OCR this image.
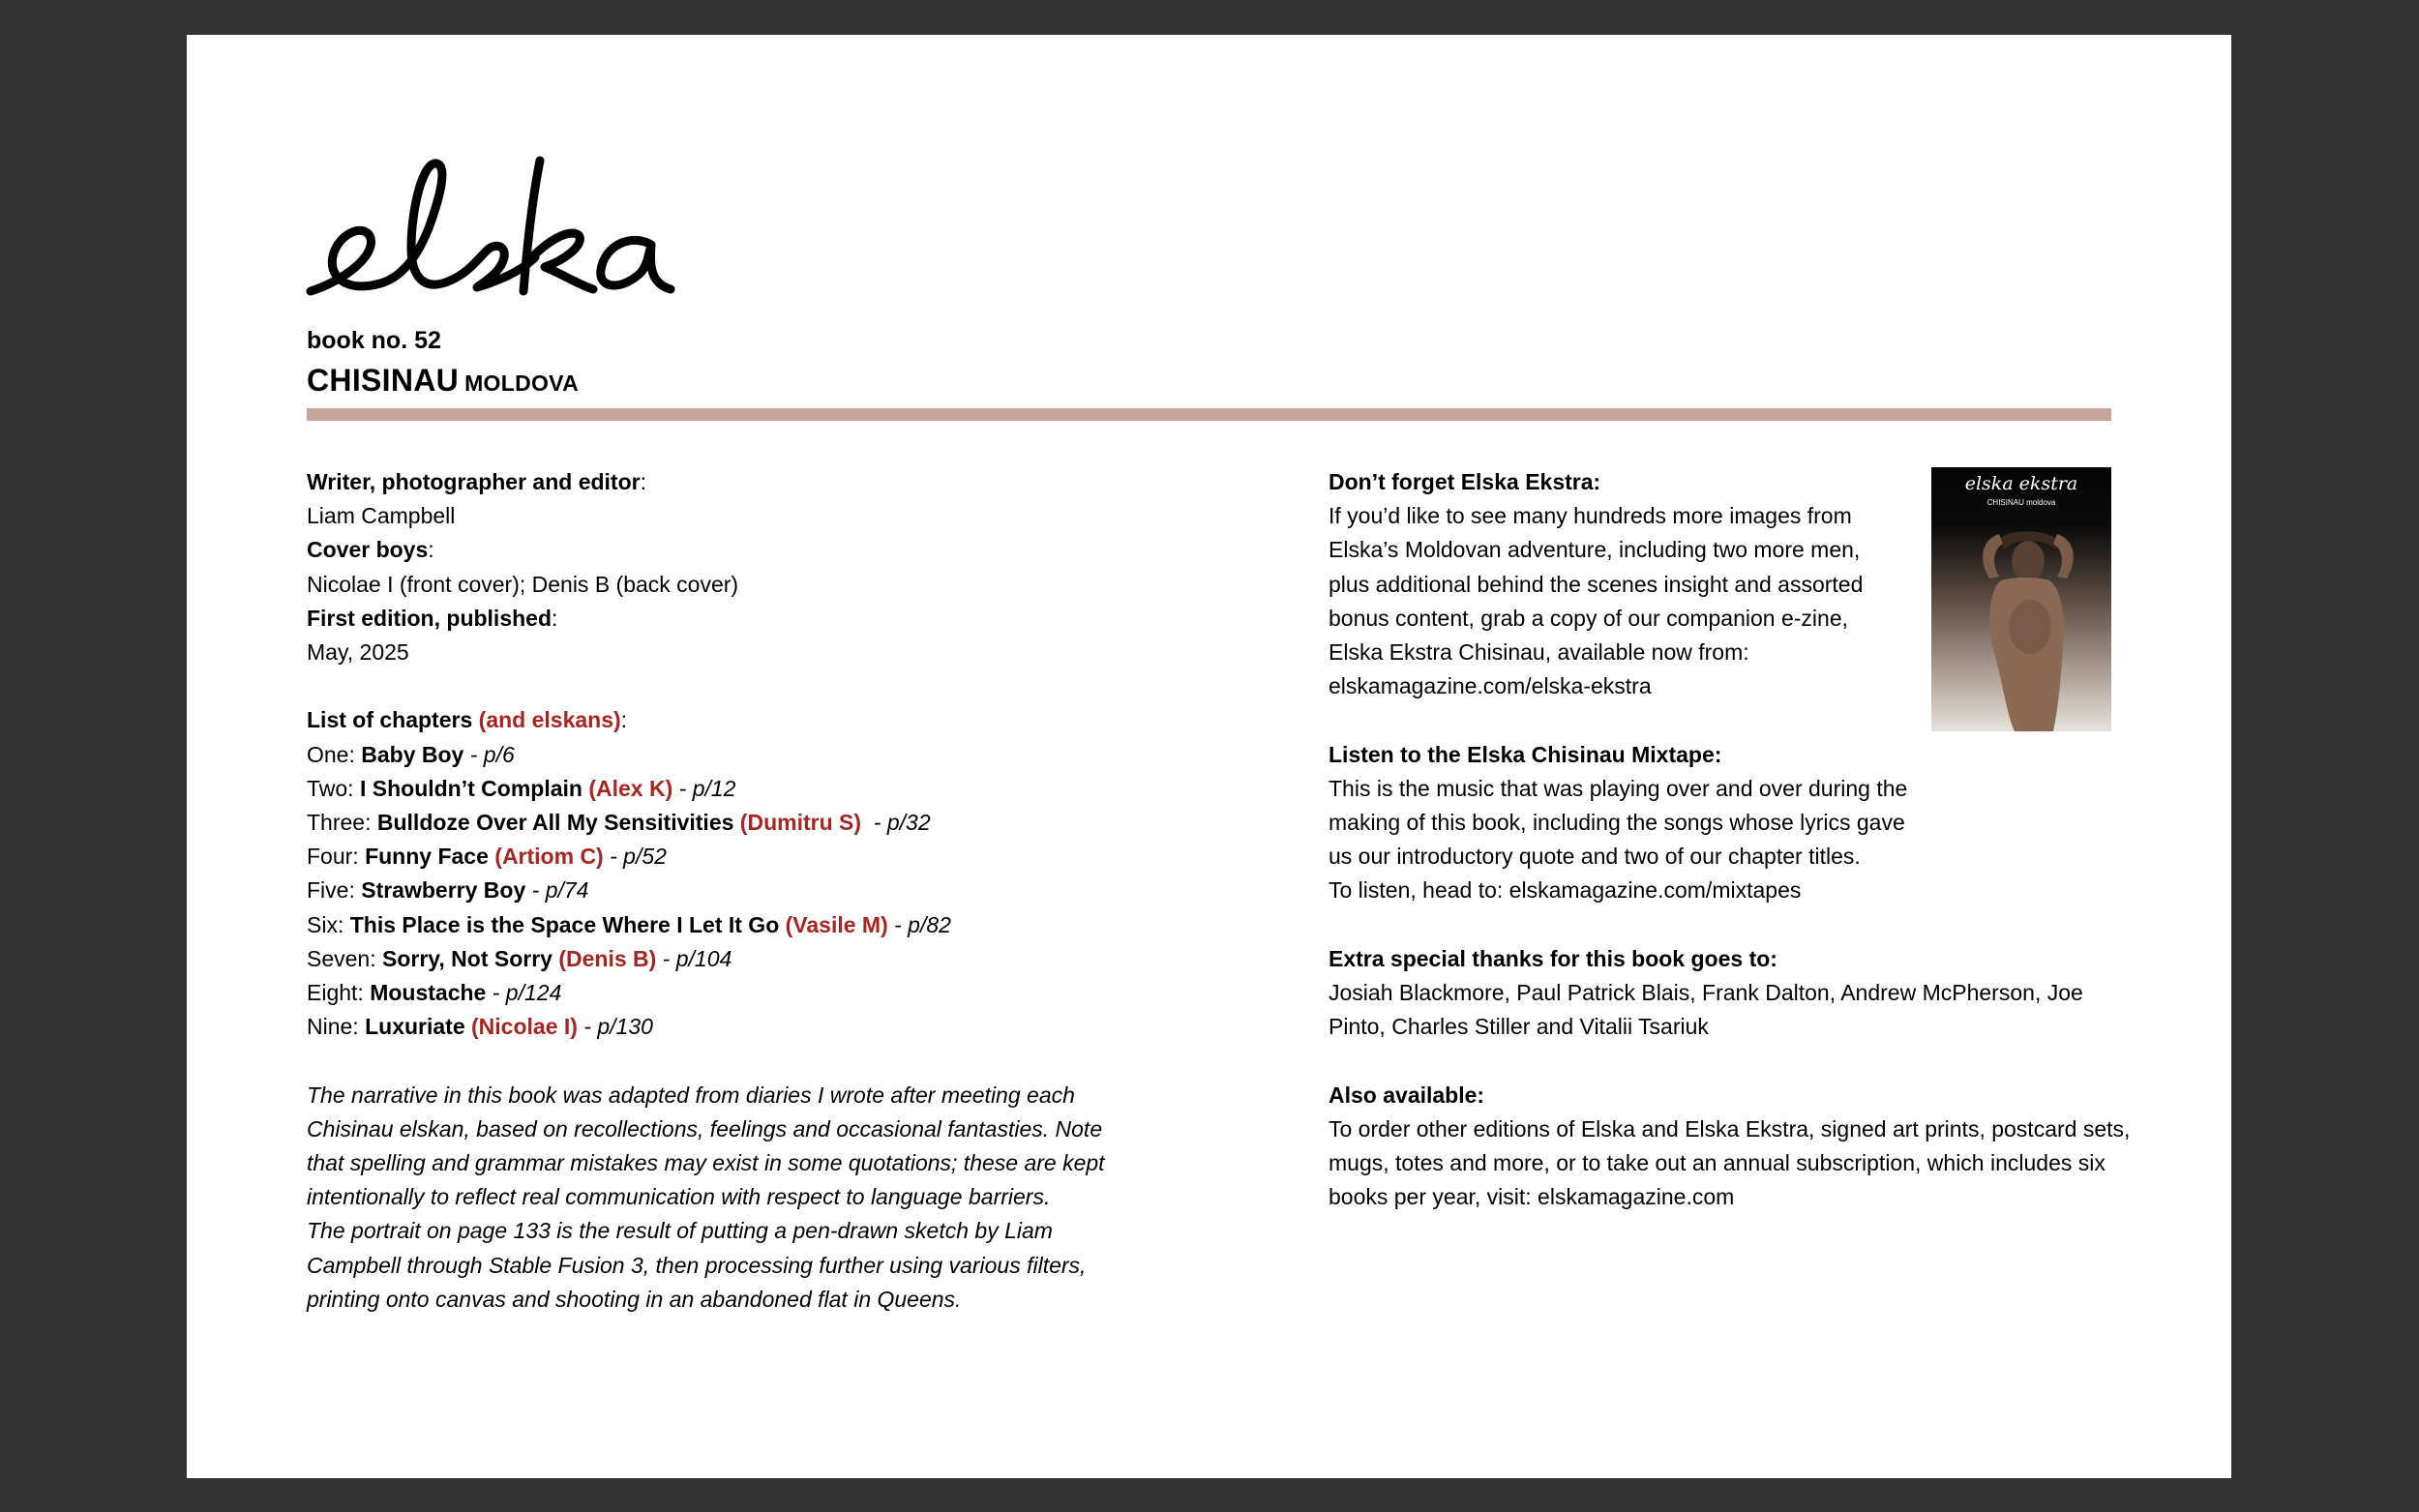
book no. 52
CHISINAU MOLDOVA
Writer, photographer and editor:
Liam Campbell
Cover boys:
Nicolae I (front cover); Denis B (back cover)
First edition, published:
May, 2025
List of chapters (and elskans):
One: Baby Boy - p/6
Two: I Shouldn’t Complain (Alex K) - p/12
Three: Bulldoze Over All My Sensitivities (Dumitru S)  - p/32
Four: Funny Face (Artiom C) - p/52
Five: Strawberry Boy - p/74
Six: This Place is the Space Where I Let It Go (Vasile M) - p/82
Seven: Sorry, Not Sorry (Denis B) - p/104
Eight: Moustache - p/124
Nine: Luxuriate (Nicolae I) - p/130
The narrative in this book was adapted from diaries I wrote after meeting each
Chisinau elskan, based on recollections, feelings and occasional fantasties. Note
that spelling and grammar mistakes may exist in some quotations; these are kept
intentionally to reflect real communication with respect to language barriers.
The portrait on page 133 is the result of putting a pen-drawn sketch by Liam
Campbell through Stable Fusion 3, then processing further using various filters,
printing onto canvas and shooting in an abandoned flat in Queens.
Don’t forget Elska Ekstra:
If you’d like to see many hundreds more images from
Elska’s Moldovan adventure, including two more men,
plus additional behind the scenes insight and assorted
bonus content, grab a copy of our companion e-zine,
Elska Ekstra Chisinau, available now from:
elskamagazine.com/elska-ekstra
Listen to the Elska Chisinau Mixtape:
This is the music that was playing over and over during the
making of this book, including the songs whose lyrics gave
us our introductory quote and two of our chapter titles.
To listen, head to: elskamagazine.com/mixtapes
Extra special thanks for this book goes to:
Josiah Blackmore, Paul Patrick Blais, Frank Dalton, Andrew McPherson, Joe
Pinto, Charles Stiller and Vitalii Tsariuk
Also available:
To order other editions of Elska and Elska Ekstra, signed art prints, postcard sets,
mugs, totes and more, or to take out an annual subscription, which includes six
books per year, visit: elskamagazine.com
elska ekstra
CHISINAU moldova
